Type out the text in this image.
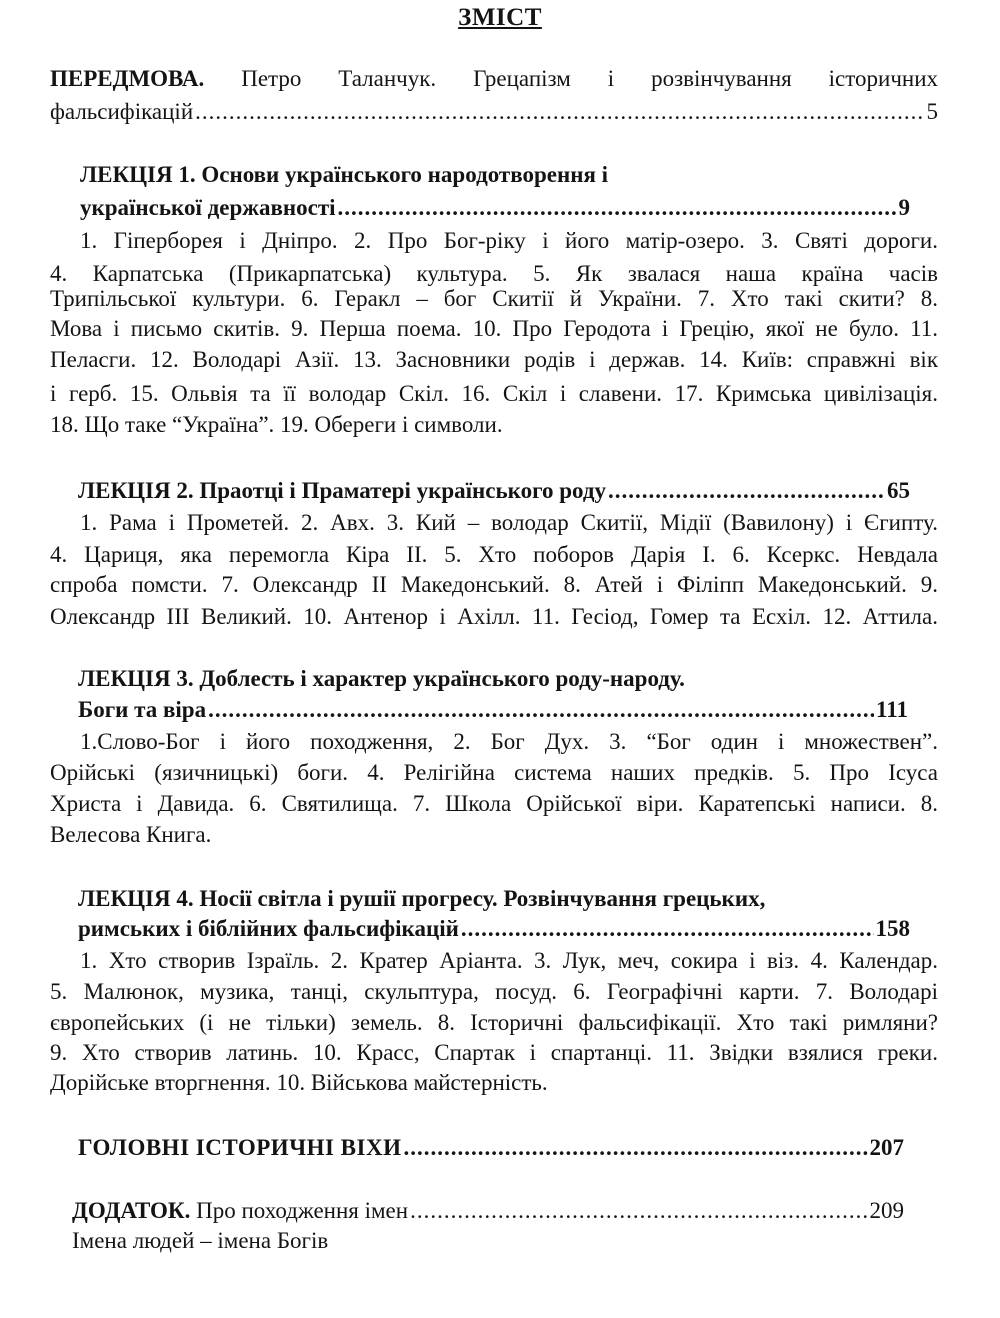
ЗМІСТ
ПЕРЕДМОВА. Петро Таланчук. Грецапізм і розвінчування історичних
фальсифікацій .....	5
ЛЕКЦІЯ 1. Основи українського народотворення і
української державності .....	9
1. Гіперборея і Дніпро. 2. Про Бог-ріку і його матір-озеро. 3. Святі дороги.
4. Карпатська (Прикарпатська) культура. 5. Як звалася наша країна часів
Трипільської культури. 6. Геракл – бог Скитії й України. 7. Хто такі скити? 8.
Мова і письмо скитів. 9. Перша поема. 10. Про Геродота і Грецію, якої не було. 11.
Пеласги. 12. Володарі Азії. 13. Засновники родів і держав. 14. Київ: справжні вік
і герб. 15. Ольвія та її володар Скіл. 16. Скіл і славени. 17. Кримська цивілізація.
18. Що таке “Україна”. 19. Обереги і символи.
ЛЕКЦІЯ 2. Праотці і Праматері українського роду .....	65
1. Рама і Прометей. 2. Авх. 3. Кий – володар Скитії, Мідії (Вавилону) і Єгипту.
4. Цариця, яка перемогла Кіра ІІ. 5. Хто поборов Дарія І. 6. Ксеркс. Невдала
спроба помсти. 7. Олександр ІІ Македонський. 8. Атей і Філіпп Македонський. 9.
Олександр ІІІ Великий. 10. Антенор і Ахілл. 11. Гесіод, Гомер та Есхіл. 12. Аттила.
ЛЕКЦІЯ 3. Доблесть і характер українського роду-народу.
Боги та віра .....	111
1.Слово-Бог і його походження, 2. Бог Дух. 3. “Бог один і множествен”.
Орійські (язичницькі) боги. 4. Релігійна система наших предків. 5. Про Ісуса
Христа і Давида. 6. Святилища. 7. Школа Орійської віри. Каратепські написи. 8.
Велесова Книга.
ЛЕКЦІЯ 4. Носії світла і рушії прогресу. Розвінчування грецьких,
римських і біблійних фальсифікацій .....	158
1. Хто створив Ізраїль. 2. Кратер Аріанта. 3. Лук, меч, сокира і віз. 4. Календар.
5. Малюнок, музика, танці, скульптура, посуд. 6. Географічні карти. 7. Володарі
європейських (і не тільки) земель. 8. Історичні фальсифікації. Хто такі римляни?
9. Хто створив латинь. 10. Красс, Спартак і спартанці. 11. Звідки взялися греки.
Дорійське вторгнення. 10. Військова майстерність.
ГОЛОВНІ ІСТОРИЧНІ ВІХИ .....	207
ДОДАТОК. Про походження імен .....	209
Імена людей – імена Богів
